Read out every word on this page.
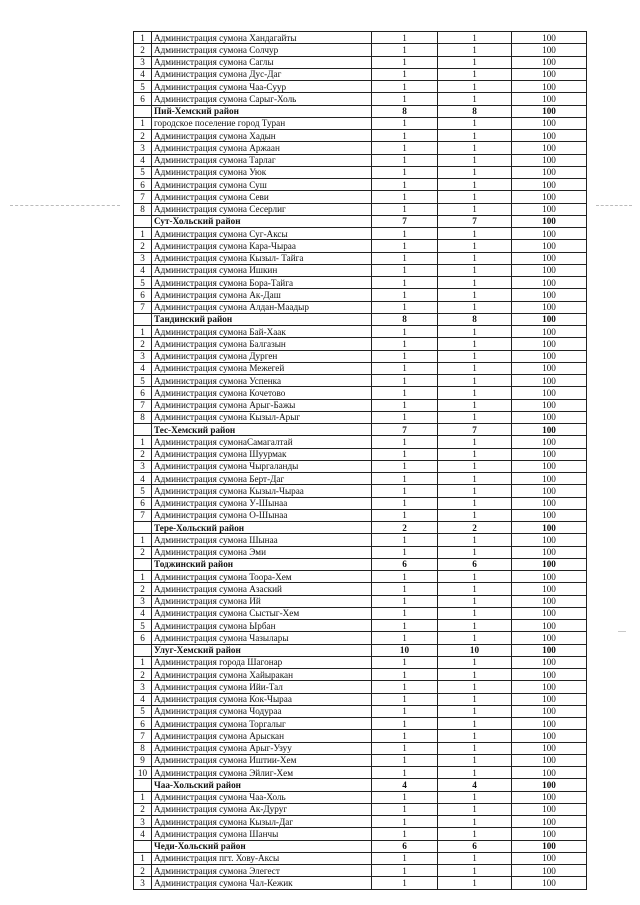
1	Администрация сумона Хандагайты	1	1	100
2	Администрация сумона Солчур	1	1	100
3	Администрация сумона Саглы	1	1	100
4	Администрация сумона Дус-Даг	1	1	100
5	Администрация сумона Чаа-Суур	1	1	100
6	Администрация сумона Сарыг-Холь	1	1	100
	Пий-Хемский район	8	8	100
1	городское поселение город Туран	1	1	100
2	Администрация сумона Хадын	1	1	100
3	Администрация сумона Аржаан	1	1	100
4	Администрация сумона Тарлаг	1	1	100
5	Администрация сумона Уюк	1	1	100
6	Администрация сумона Суш	1	1	100
7	Администрация сумона Севи	1	1	100
8	Администрация сумона Сесерлиг	1	1	100
	Сут-Хольский район	7	7	100
1	Администрация сумона Суг-Аксы	1	1	100
2	Администрация сумона Кара-Чыраа	1	1	100
3	Администрация сумона Кызыл- Тайга	1	1	100
4	Администрация сумона Ишкин	1	1	100
5	Администрация сумона Бора-Тайга	1	1	100
6	Администрация сумона Ак-Даш	1	1	100
7	Администрация сумона Алдан-Маадыр	1	1	100
	Тандинский район	8	8	100
1	Администрация сумона Бай-Хаак	1	1	100
2	Администрация сумона Балгазын	1	1	100
3	Администрация сумона Дурген	1	1	100
4	Администрация сумона Межегей	1	1	100
5	Администрация сумона Успенка	1	1	100
6	Администрация сумона Кочетово	1	1	100
7	Администрация сумона Арыг-Бажы	1	1	100
8	Администрация сумона Кызыл-Арыг	1	1	100
	Тес-Хемский район	7	7	100
1	Администрация сумонаСамагалтай	1	1	100
2	Администрация сумона Шуурмак	1	1	100
3	Администрация сумона Чыргаланды	1	1	100
4	Администрация сумона Берт-Даг	1	1	100
5	Администрация сумона Кызыл-Чыраа	1	1	100
6	Администрация сумона У-Шынаа	1	1	100
7	Администрация сумона О-Шынаа	1	1	100
	Тере-Хольский район	2	2	100
1	Администрация сумона Шынаа	1	1	100
2	Администрация сумона Эми	1	1	100
	Тоджинский район	6	6	100
1	Администрация сумона Тоора-Хем	1	1	100
2	Администрация сумона Азаский	1	1	100
3	Администрация сумона Ий	1	1	100
4	Администрация сумона Сыстыг-Хем	1	1	100
5	Администрация сумона Ырбан	1	1	100
6	Администрация сумона Чазылары	1	1	100
	Улуг-Хемский район	10	10	100
1	Администрация города Шагонар	1	1	100
2	Администрация сумона Хайыракан	1	1	100
3	Администрация сумона Ийи-Тал	1	1	100
4	Администрация сумона Кок-Чыраа	1	1	100
5	Администрация сумона Чодураа	1	1	100
6	Администрация сумона Торгалыг	1	1	100
7	Администрация сумона Арыскан	1	1	100
8	Администрация сумона Арыг-Узуу	1	1	100
9	Администрация сумона Иштии-Хем	1	1	100
10	Администрация сумона Эйлиг-Хем	1	1	100
	Чаа-Хольский район	4	4	100
1	Администрация сумона Чаа-Холь	1	1	100
2	Администрация сумона Ак-Дуруг	1	1	100
3	Администрация сумона Кызыл-Даг	1	1	100
4	Администрация сумона Шанчы	1	1	100
	Чеди-Хольский район	6	6	100
1	Администрация пгт. Хову-Аксы	1	1	100
2	Администрация сумона Элегест	1	1	100
3	Администрация сумона Чал-Кежик	1	1	100
